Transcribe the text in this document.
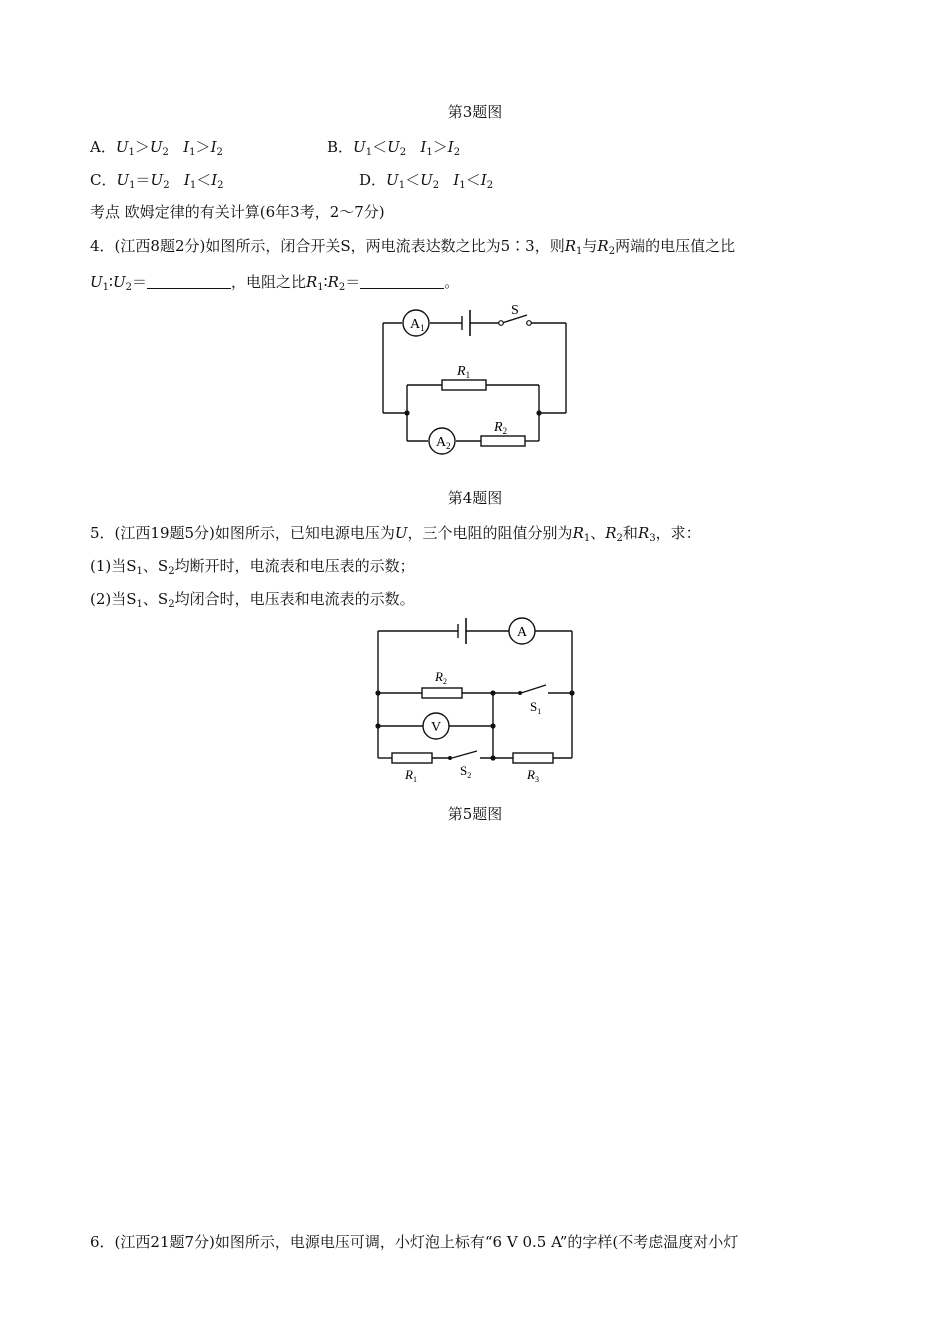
第3题图
A．$U_1>U_2$ $I_1>I_2$	B．$U_1<U_2$ $I_1>I_2$
C．$U_1=U_2$ $I_1<I_2$	D．$U_1<U_2$ $I_1<I_2$
考点 欧姆定律的有关计算(6年3考，2～7分)
4．(江西8题2分)如图所示，闭合开关S，两电流表达数之比为5∶3，则$R_1$与$R_2$两端的电压值之比
$U_1∶U_2=$	，电阻之比$R_1∶R_2=$	。
$A_1$
$A_2$
S
$R_1$
$R_2$
第4题图
5．(江西19题5分)如图所示，已知电源电压为U，三个电阻的阻值分别为$R_1$、$R_2$和$R_3$，求：
(1)当$S_1$、$S_2$均断开时，电流表和电压表的示数；
(2)当$S_1$、$S_2$均闭合时，电压表和电流表的示数。
A
V
$R_2$
$R_1$	$R_3$
$S_1$
$S_2$
第5题图
6．(江西21题7分)如图所示，电源电压可调，小灯泡上标有“6 V 0.5 A”的字样(不考虑温度对小灯
